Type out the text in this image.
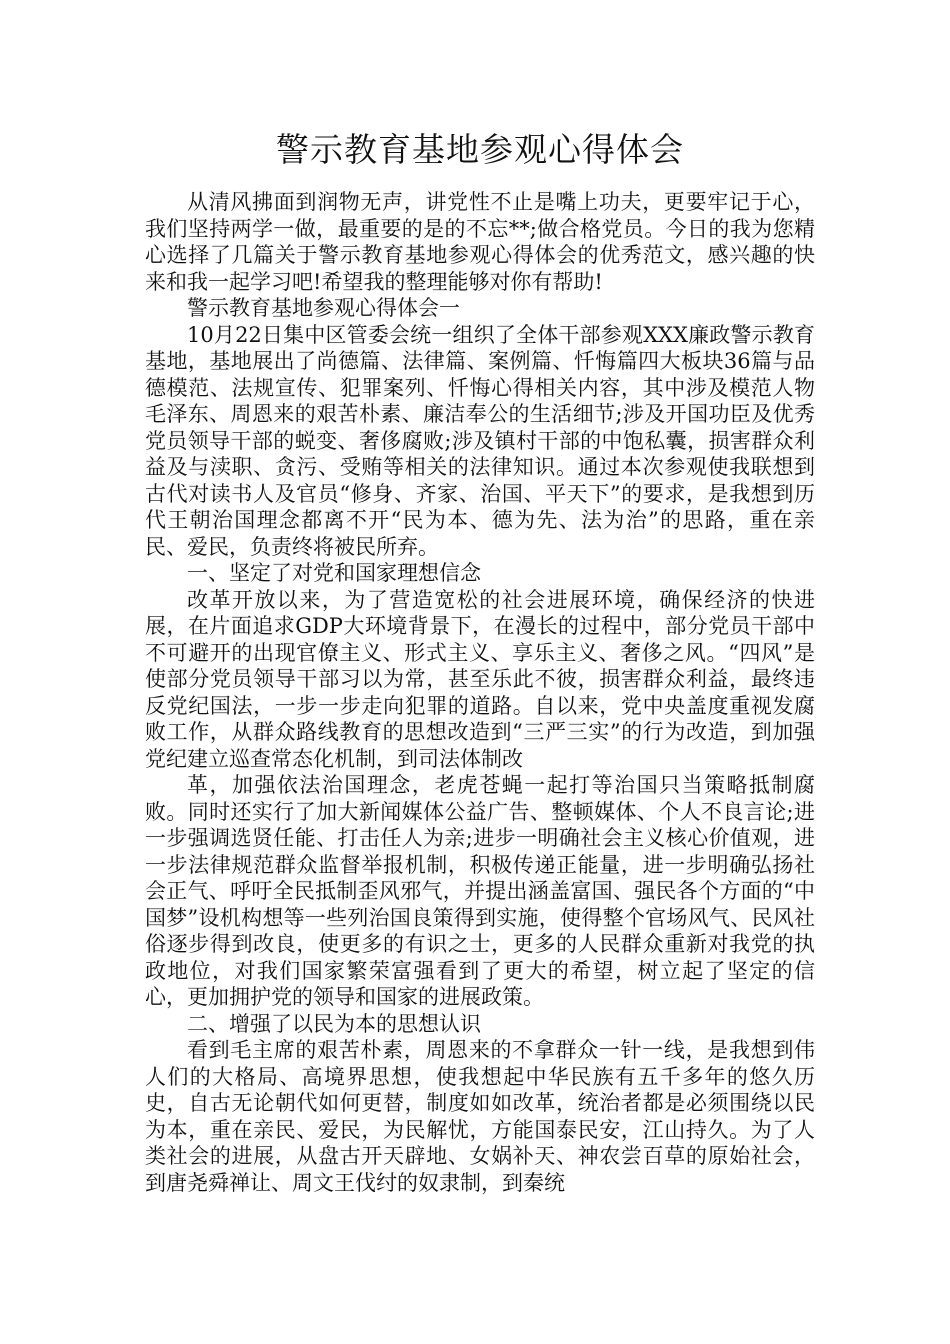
警示教育基地参观心得体会

从清风拂面到润物无声，讲党性不止是嘴上功夫，更要牢记于心，我们坚持两学一做，最重要的是的不忘**;做合格党员。今日的我为您精心选择了几篇关于警示教育基地参观心得体会的优秀范文，感兴趣的快来和我一起学习吧!希望我的整理能够对你有帮助!

警示教育基地参观心得体会一

10月22日集中区管委会统一组织了全体干部参观XXX廉政警示教育基地，基地展出了尚德篇、法律篇、案例篇、忏悔篇四大板块36篇与品德模范、法规宣传、犯罪案列、忏悔心得相关内容，其中涉及模范人物毛泽东、周恩来的艰苦朴素、廉洁奉公的生活细节;涉及开国功臣及优秀党员领导干部的蜕变、奢侈腐败;涉及镇村干部的中饱私囊，损害群众利益及与渎职、贪污、受贿等相关的法律知识。通过本次参观使我联想到古代对读书人及官员“修身、齐家、治国、平天下”的要求，是我想到历代王朝治国理念都离不开“民为本、德为先、法为治”的思路，重在亲民、爱民，负责终将被民所弃。

一、坚定了对党和国家理想信念

改革开放以来，为了营造宽松的社会进展环境，确保经济的快进展，在片面追求GDP大环境背景下，在漫长的过程中，部分党员干部中不可避开的出现官僚主义、形式主义、享乐主义、奢侈之风。“四风”是使部分党员领导干部习以为常，甚至乐此不彼，损害群众利益，最终违反党纪国法，一步一步走向犯罪的道路。自以来，党中央盖度重视发腐败工作，从群众路线教育的思想改造到“三严三实”的行为改造，到加强党纪建立巡查常态化机制，到司法体制改

革，加强依法治国理念，老虎苍蝇一起打等治国只当策略抵制腐败。同时还实行了加大新闻媒体公益广告、整顿媒体、个人不良言论;进一步强调选贤任能、打击任人为亲;进步一明确社会主义核心价值观，进一步法律规范群众监督举报机制，积极传递正能量，进一步明确弘扬社会正气、呼吁全民抵制歪风邪气，并提出涵盖富国、强民各个方面的“中国梦”设机构想等一些列治国良策得到实施，使得整个官场风气、民风社俗逐步得到改良，使更多的有识之士，更多的人民群众重新对我党的执政地位，对我们国家繁荣富强看到了更大的希望，树立起了坚定的信心，更加拥护党的领导和国家的进展政策。

二、增强了以民为本的思想认识

看到毛主席的艰苦朴素，周恩来的不拿群众一针一线，是我想到伟人们的大格局、高境界思想，使我想起中华民族有五千多年的悠久历史，自古无论朝代如何更替，制度如如改革，统治者都是必须围绕以民为本，重在亲民、爱民，为民解忧，方能国泰民安，江山持久。为了人类社会的进展，从盘古开天辟地、女娲补天、神农尝百草的原始社会，到唐尧舜禅让、周文王伐纣的奴隶制，到秦统
